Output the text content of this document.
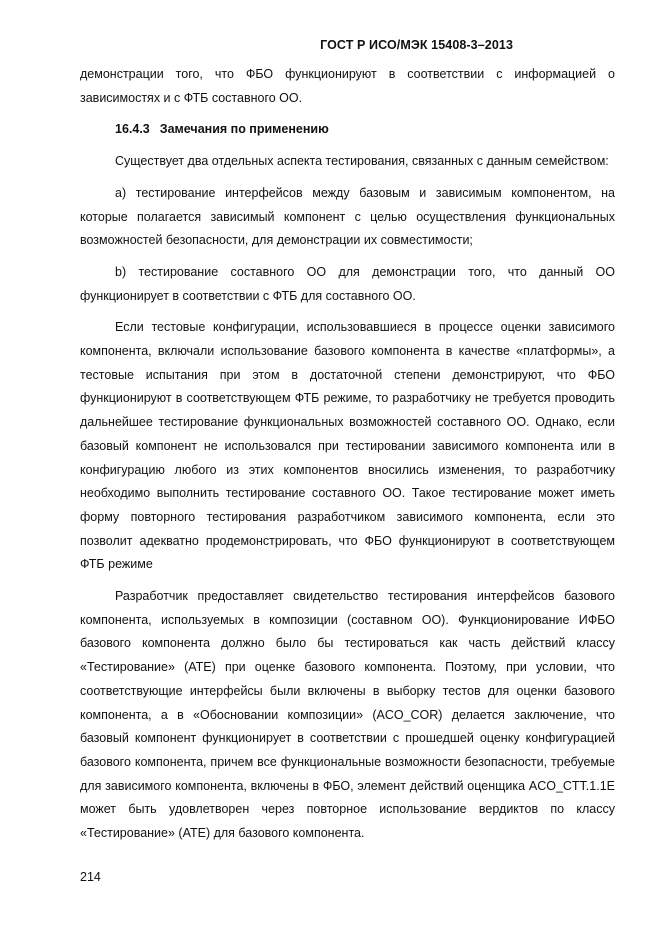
ГОСТ Р ИСО/МЭК 15408-3–2013

демонстрации того, что ФБО функционируют в соответствии с информацией о зависимостях и с ФТБ составного ОО.

16.4.3 Замечания по применению

Существует два отдельных аспекта тестирования, связанных с данным семейством:

a) тестирование интерфейсов между базовым и зависимым компонентом, на которые полагается зависимый компонент с целью осуществления функциональных возможностей безопасности, для демонстрации их совместимости;

b) тестирование составного ОО для демонстрации того, что данный ОО функционирует в соответствии с ФТБ для составного ОО.

Если тестовые конфигурации, использовавшиеся в процессе оценки зависимого компонента, включали использование базового компонента в качестве «платформы», а тестовые испытания при этом в достаточной степени демонстрируют, что ФБО функционируют в соответствующем ФТБ режиме, то разработчику не требуется проводить дальнейшее тестирование функциональных возможностей составного ОО. Однако, если базовый компонент не использовался при тестировании зависимого компонента или в конфигурацию любого из этих компонентов вносились изменения, то разработчику необходимо выполнить тестирование составного ОО. Такое тестирование может иметь форму повторного тестирования разработчиком зависимого компонента, если это позволит адекватно продемонстрировать, что ФБО функционируют в соответствующем ФТБ режиме

Разработчик предоставляет свидетельство тестирования интерфейсов базового компонента, используемых в композиции (составном ОО). Функционирование ИФБО базового компонента должно было бы тестироваться как часть действий классу «Тестирование» (ATE) при оценке базового компонента. Поэтому, при условии, что соответствующие интерфейсы были включены в выборку тестов для оценки базового компонента, а в «Обосновании композиции» (ACO_COR) делается заключение, что базовый компонент функционирует в соответствии с прошедшей оценку конфигурацией базового компонента, причем все функциональные возможности безопасности, требуемые для зависимого компонента, включены в ФБО, элемент действий оценщика ACO_CTT.1.1E может быть удовлетворен через повторное использование вердиктов по классу «Тестирование» (ATE) для базового компонента.

214
